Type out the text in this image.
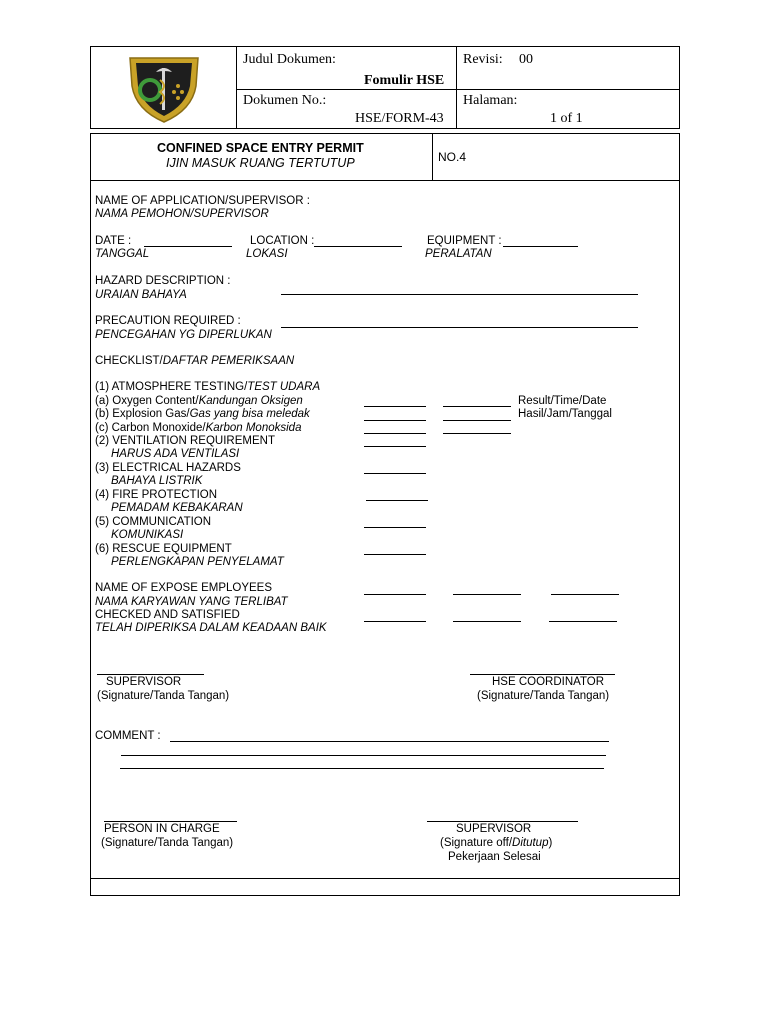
Judul Dokumen:
Fomulir HSE
Revisi: 00
Dokumen No.:
HSE/FORM-43
Halaman:
1 of 1
CONFINED SPACE ENTRY PERMIT
IJIN MASUK RUANG TERTUTUP	NO.4
NAME OF APPLICATION/SUPERVISOR :
NAMA PEMOHON/SUPERVISOR
DATE :
TANGGAL
LOCATION :
LOKASI
EQUIPMENT :
PERALATAN
HAZARD DESCRIPTION :
URAIAN BAHAYA
PRECAUTION REQUIRED :
PENCEGAHAN YG DIPERLUKAN
CHECKLIST/DAFTAR PEMERIKSAAN
(1) ATMOSPHERE TESTING/TEST UDARA
(a) Oxygen Content/Kandungan Oksigen
(b) Explosion Gas/Gas yang bisa meledak
(c) Carbon Monoxide/Karbon Monoksida
Result/Time/Date
Hasil/Jam/Tanggal
(2) VENTILATION REQUIREMENT
HARUS ADA VENTILASI
(3) ELECTRICAL HAZARDS
BAHAYA LISTRIK
(4) FIRE PROTECTION
PEMADAM KEBAKARAN
(5) COMMUNICATION
KOMUNIKASI
(6) RESCUE EQUIPMENT
PERLENGKAPAN PENYELAMAT
NAME OF EXPOSE EMPLOYEES
NAMA KARYAWAN YANG TERLIBAT
CHECKED AND SATISFIED
TELAH DIPERIKSA DALAM KEADAAN BAIK
SUPERVISOR
(Signature/Tanda Tangan)
HSE COORDINATOR
(Signature/Tanda Tangan)
COMMENT :
PERSON IN CHARGE
(Signature/Tanda Tangan)
SUPERVISOR
(Signature off/Ditutup)
Pekerjaan Selesai
